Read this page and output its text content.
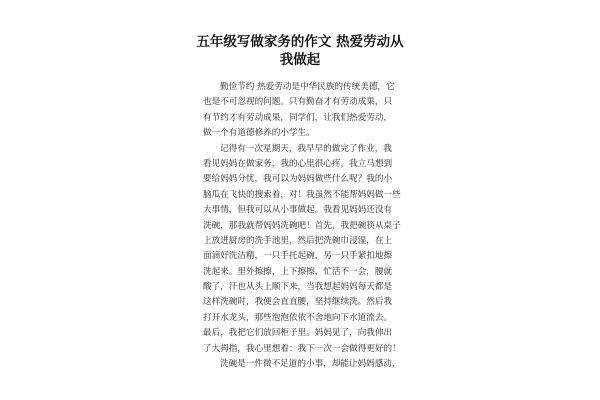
五年级写做家务的作文 热爱劳动从
我做起
勤俭节约 热爱劳动是中华民族的传统美德，它
也是不可忽视的问题。只有勤奋才有劳动成果，只
有节约才有劳动成果，同学们，让我们热爱劳动，
做一个有道德修养的小学生。
记得有一次星期天，我早早的做完了作业，我
看见妈妈在做家务，我的心里很心疼，我立马想到
要给妈妈分忧，我可以为妈妈做些什么呢？我的小
脑瓜在飞快的搜索着，对！我虽然不能帮妈妈做一些
大事情，但我可以从小事做起。我看见妈妈还没有
洗碗，那我就帮妈妈洗碗吧！首先，我把碗筷从桌子
上放进厨房的洗手池里，然后把洗碗巾浸湿，在上
面滴好洗洁精，一只手托起碗，另一只手紧扣地擦
洗起来。里外擦擦，上下擦擦，忙活不一会，腰就
酸了，汗也从头上顺下来，当我想起妈妈每天都是
这样洗碗时，我便会直直腰，坚持继续洗。然后我
打开水龙头，那些泡泡依依不舍地向下水道流去。
最后，我把它们放回柜子里。妈妈见了，向我伸出
了大拇指，我心里想着：我下一次一会做得更好的！
洗碗是一件微不足道的小事，却能让妈妈感动，
